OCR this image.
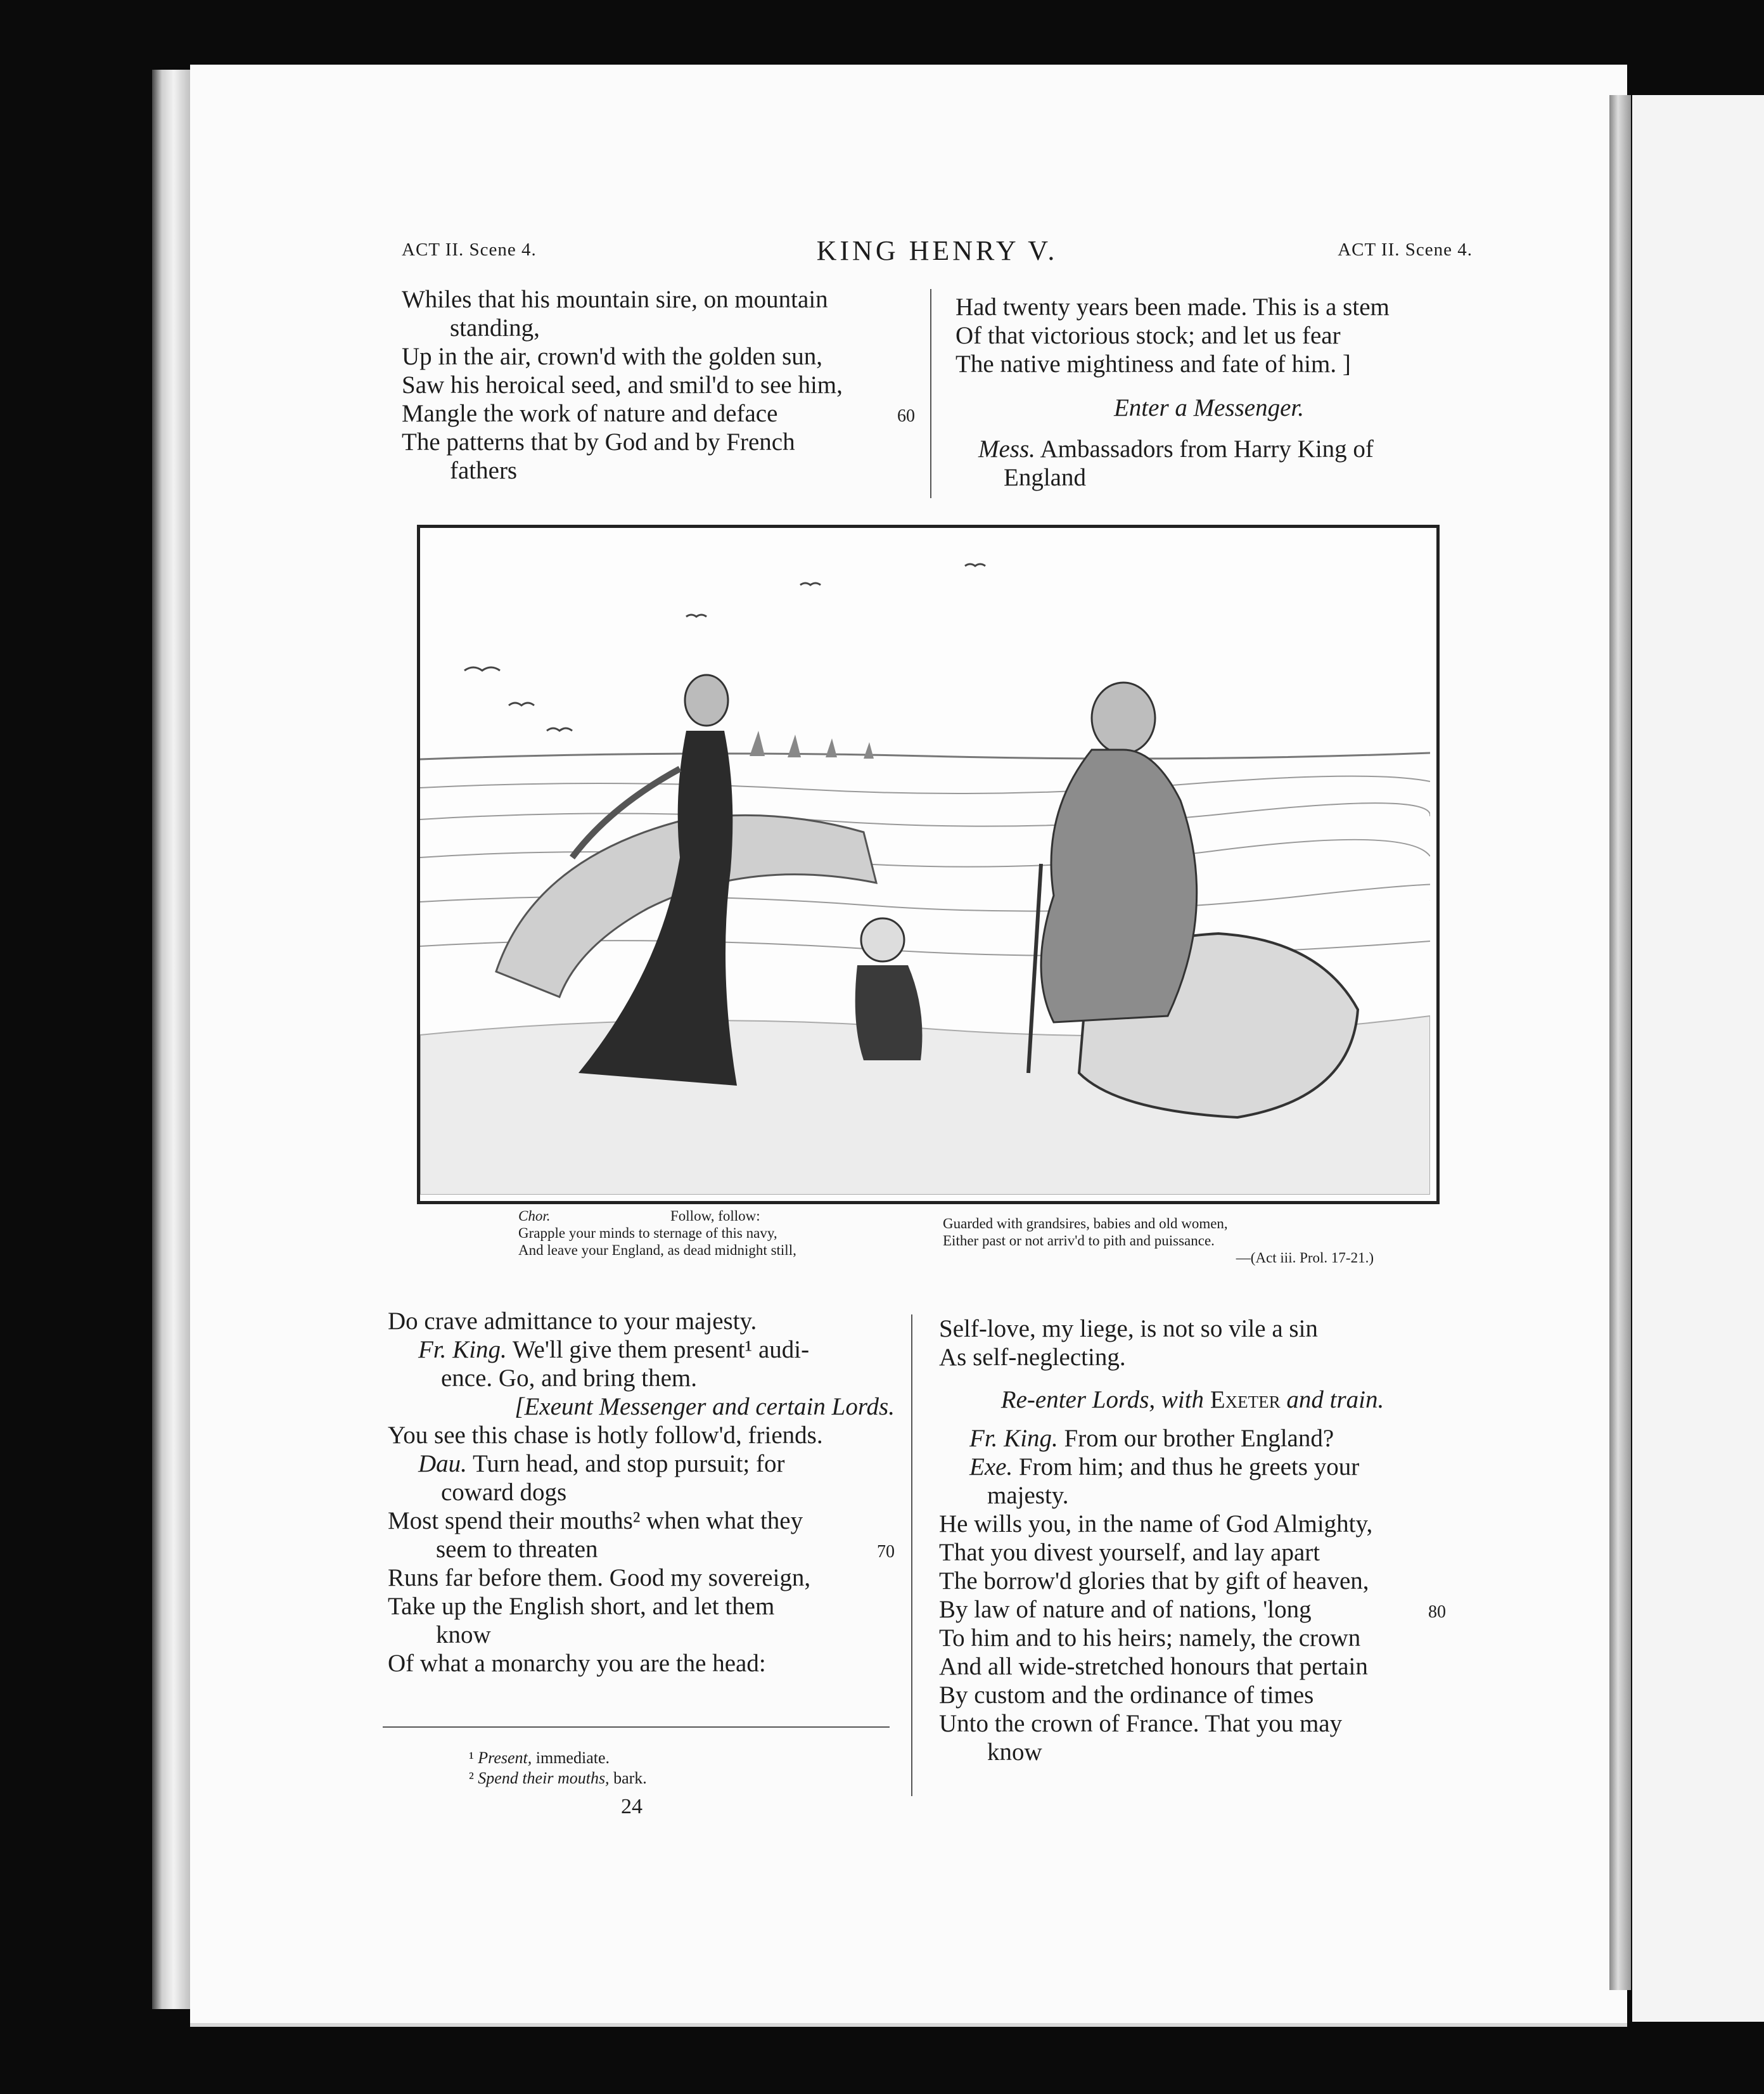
ACT II. Scene 4.	KING HENRY V.	ACT II. Scene 4.
Whiles that his mountain sire, on mountain
standing,
Up in the air, crown'd with the golden sun,
Saw his heroical seed, and smil'd to see him,
Mangle the work of nature and deface	60
The patterns that by God and by French
fathers
Had twenty years been made. This is a stem
Of that victorious stock; and let us fear
The native mightiness and fate of him. ]
Enter a Messenger.
Mess. Ambassadors from Harry King of
England
Chor.	Follow, follow:
Grapple your minds to sternage of this navy,
And leave your England, as dead midnight still,
Guarded with grandsires, babies and old women,
Either past or not arriv'd to pith and puissance.
—(Act iii. Prol. 17-21.)
Do crave admittance to your majesty.
Fr. King. We'll give them present¹ audi-
ence. Go, and bring them.
[Exeunt Messenger and certain Lords.
You see this chase is hotly follow'd, friends.
Dau. Turn head, and stop pursuit; for
coward dogs
Most spend their mouths² when what they
seem to threaten	70
Runs far before them. Good my sovereign,
Take up the English short, and let them
know
Of what a monarchy you are the head:
Self-love, my liege, is not so vile a sin
As self-neglecting.
Re-enter Lords, with Exeter and train.
Fr. King. From our brother England?
Exe. From him; and thus he greets your
majesty.
He wills you, in the name of God Almighty,
That you divest yourself, and lay apart
The borrow'd glories that by gift of heaven,
By law of nature and of nations, 'long	80
To him and to his heirs; namely, the crown
And all wide-stretched honours that pertain
By custom and the ordinance of times
Unto the crown of France. That you may
know
¹ Present, immediate.
² Spend their mouths, bark.
24
